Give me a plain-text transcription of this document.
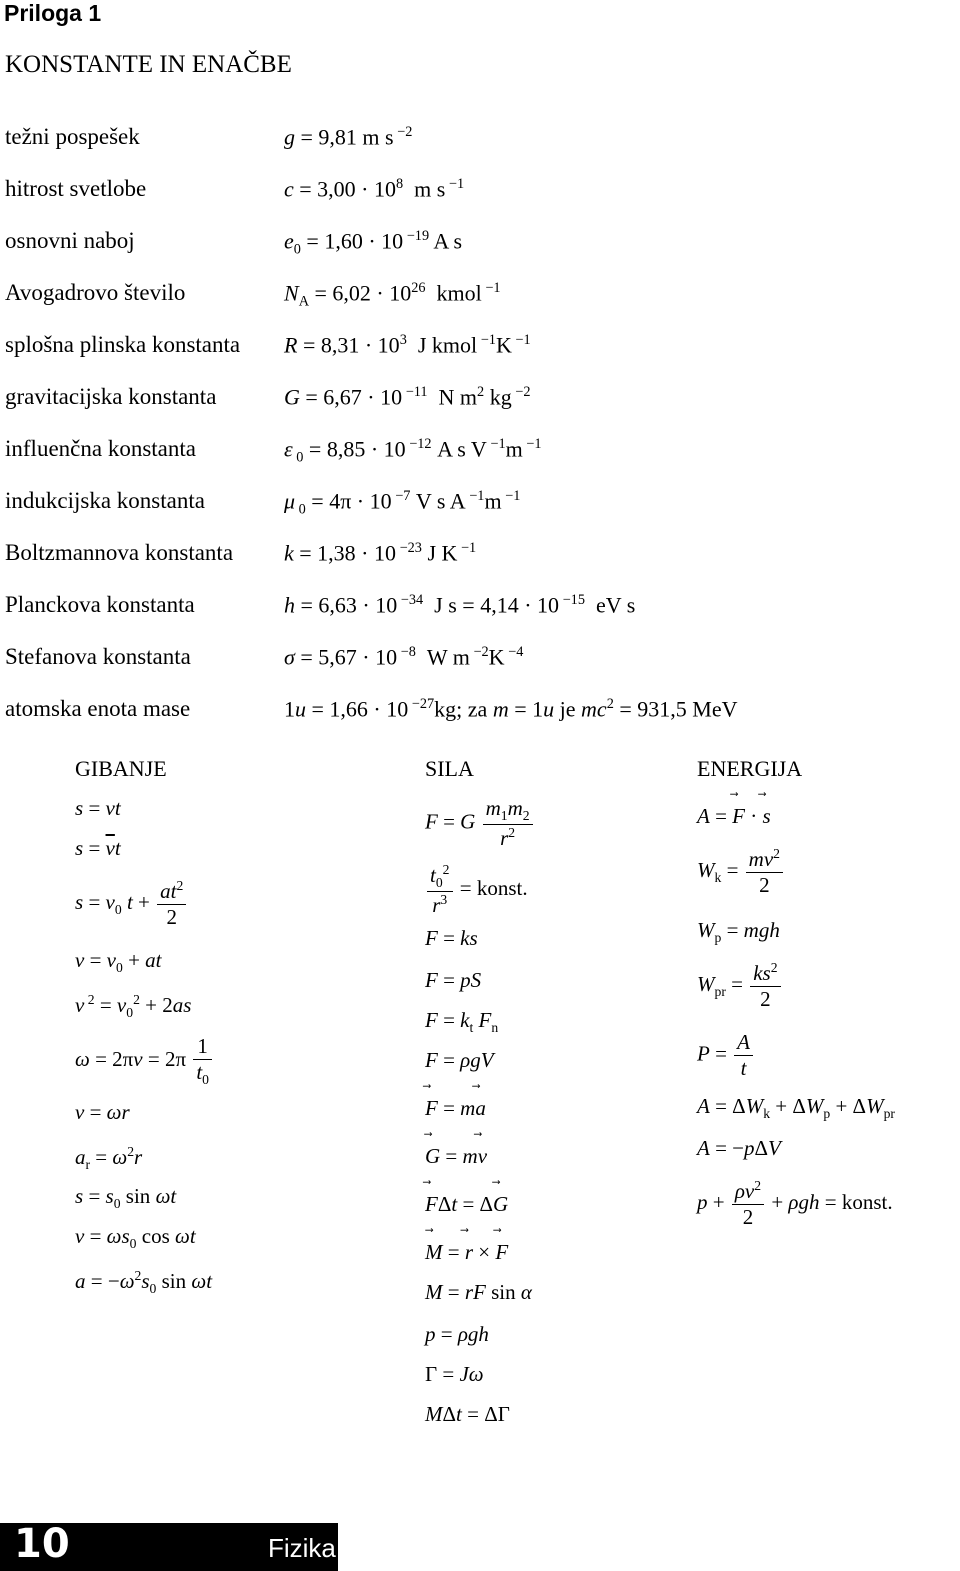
Priloga 1
KONSTANTE IN ENAČBE
težni pospešek	g = 9,81 m s $^{-2}$
hitrost svetlobe	$c = 3,00 \cdot 10^8$  m s $^{-1}$
osnovni naboj	$e_0 = 1,60 \cdot 10$ $^{-19}$ A s
Avogadrovo število	$N_A = 6,02 \cdot 10^{26}$  kmol $^{-1}$
splošna plinska konstanta $R = 8,31 \cdot 10^3$  J kmol $^{-1}$K $^{-1}$
gravitacijska konstanta	G = 6,67 · 10 $^{-11}$  N $m^2$ kg $^{-2}$
influenčna konstanta	ε $_0$ = 8,85 · 10 $^{-12}$ A s V $^{-1}$m $^{-1}$
indukcijska konstanta	μ $_0$ = 4π · 10 $^{-7}$ V s A $^{-1}$m $^{-1}$
Boltzmannova konstanta k = 1,38 · 10 $^{-23}$ J K $^{-1}$
Planckova konstanta	h = 6,63 · 10 $^{-34}$  J s = 4,14 · 10 $^{-15}$  eV s
Stefanova konstanta	σ = 5,67 · 10 $^{-8}$  W m $^{-2}$K $^{-4}$
atomska enota mase	1u = 1,66 · 10 $^{-27}$kg; za m = 1u je $mc^2 = 931,5$ MeV
GIBANJE	SILA	ENERGIJA
s = vt
$s = \overline{v}t$
$s = v_0$ $t + \frac{at^2}{2}$
$v = v_0$ + at
v $^2 = v_0^2 + 2as$
$\omega = 2\pi\nu = 2\pi \frac{1}{t_0}$
v = ωr
$a_r = \omega^2r$
$s = s_0$ sin ωt
$v = \omega s_0$ cos ωt
$a = -\omega^2s_0$ sin ωt
F = G $\frac{m_1m_2}{r^2}$
$\frac{t_0^2}{r^3}$ = konst.
F = ks
F = pS
$F = k_t$ $F_n$
F = ρgV
⃗ F = m⃗ a
⃗ G = m⃗ v
⃗ FΔt = Δ⃗ G
⃗ M = ⃗ r × ⃗ F
M = rF sin α
p = ρgh
Γ = Jω
MΔt = ΔΓ
A = ⃗ F · ⃗ s
$W_k = \frac{mv^2}{2}$
$W_p$ = mgh
$W_{pr} = \frac{ks^2}{2}$
$P = \frac{A}{t}$
$A = \Delta W_k + \Delta W_p + \Delta W_{pr}$
A = −pΔV
$p + \frac{\rho v^2}{2} + \rho gh$ = konst.
10	Fizika
